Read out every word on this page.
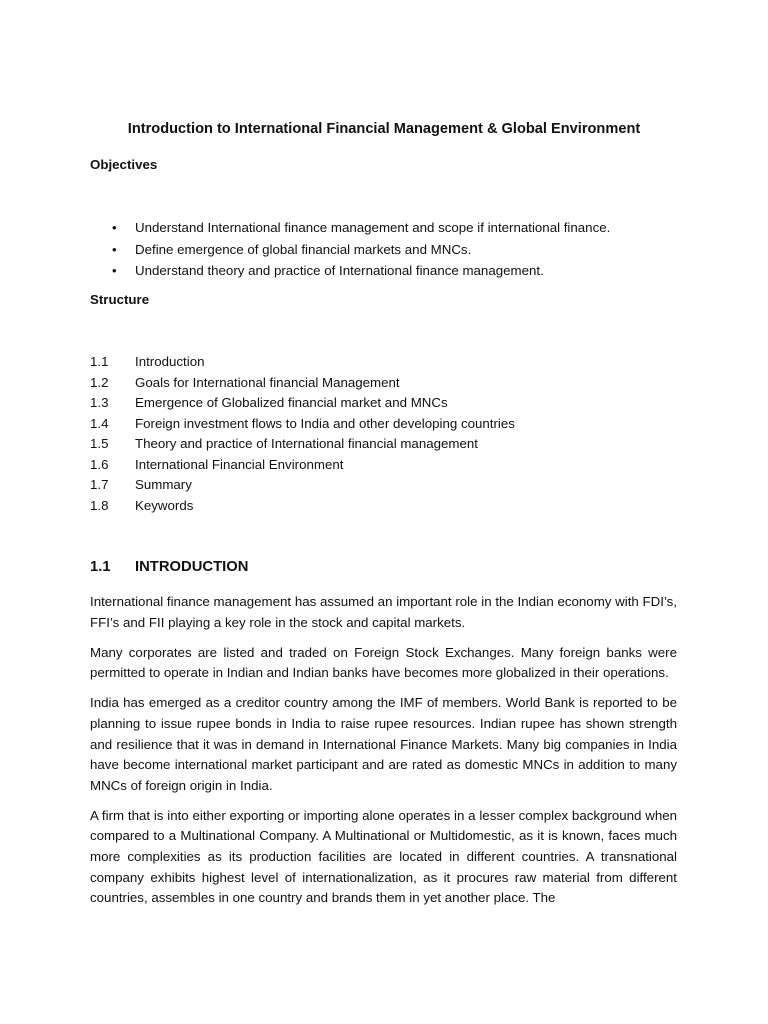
Introduction to International Financial Management & Global Environment
Objectives
• Understand International finance management and scope if international finance.
• Define emergence of global financial markets and MNCs.
• Understand theory and practice of International finance management.
Structure
1.1 Introduction
1.2 Goals for International financial Management
1.3 Emergence of Globalized financial market and MNCs
1.4 Foreign investment flows to India and other developing countries
1.5 Theory and practice of International financial management
1.6 International Financial Environment
1.7 Summary
1.8 Keywords
1.1 INTRODUCTION

International finance management has assumed an important role in the Indian economy with FDI’s, FFI’s and FII playing a key role in the stock and capital markets.

Many corporates are listed and traded on Foreign Stock Exchanges. Many foreign banks were permitted to operate in Indian and Indian banks have becomes more globalized in their operations.

India has emerged as a creditor country among the IMF of members. World Bank is reported to be planning to issue rupee bonds in India to raise rupee resources. Indian rupee has shown strength and resilience that it was in demand in International Finance Markets. Many big companies in India have become international market participant and are rated as domestic MNCs in addition to many MNCs of foreign origin in India.

A firm that is into either exporting or importing alone operates in a lesser complex background when compared to a Multinational Company. A Multinational or Multidomestic, as it is known, faces much more complexities as its production facilities are located in different countries. A transnational company exhibits highest level of internationalization, as it procures raw material from different countries, assembles in one country and brands them in yet another place. The
